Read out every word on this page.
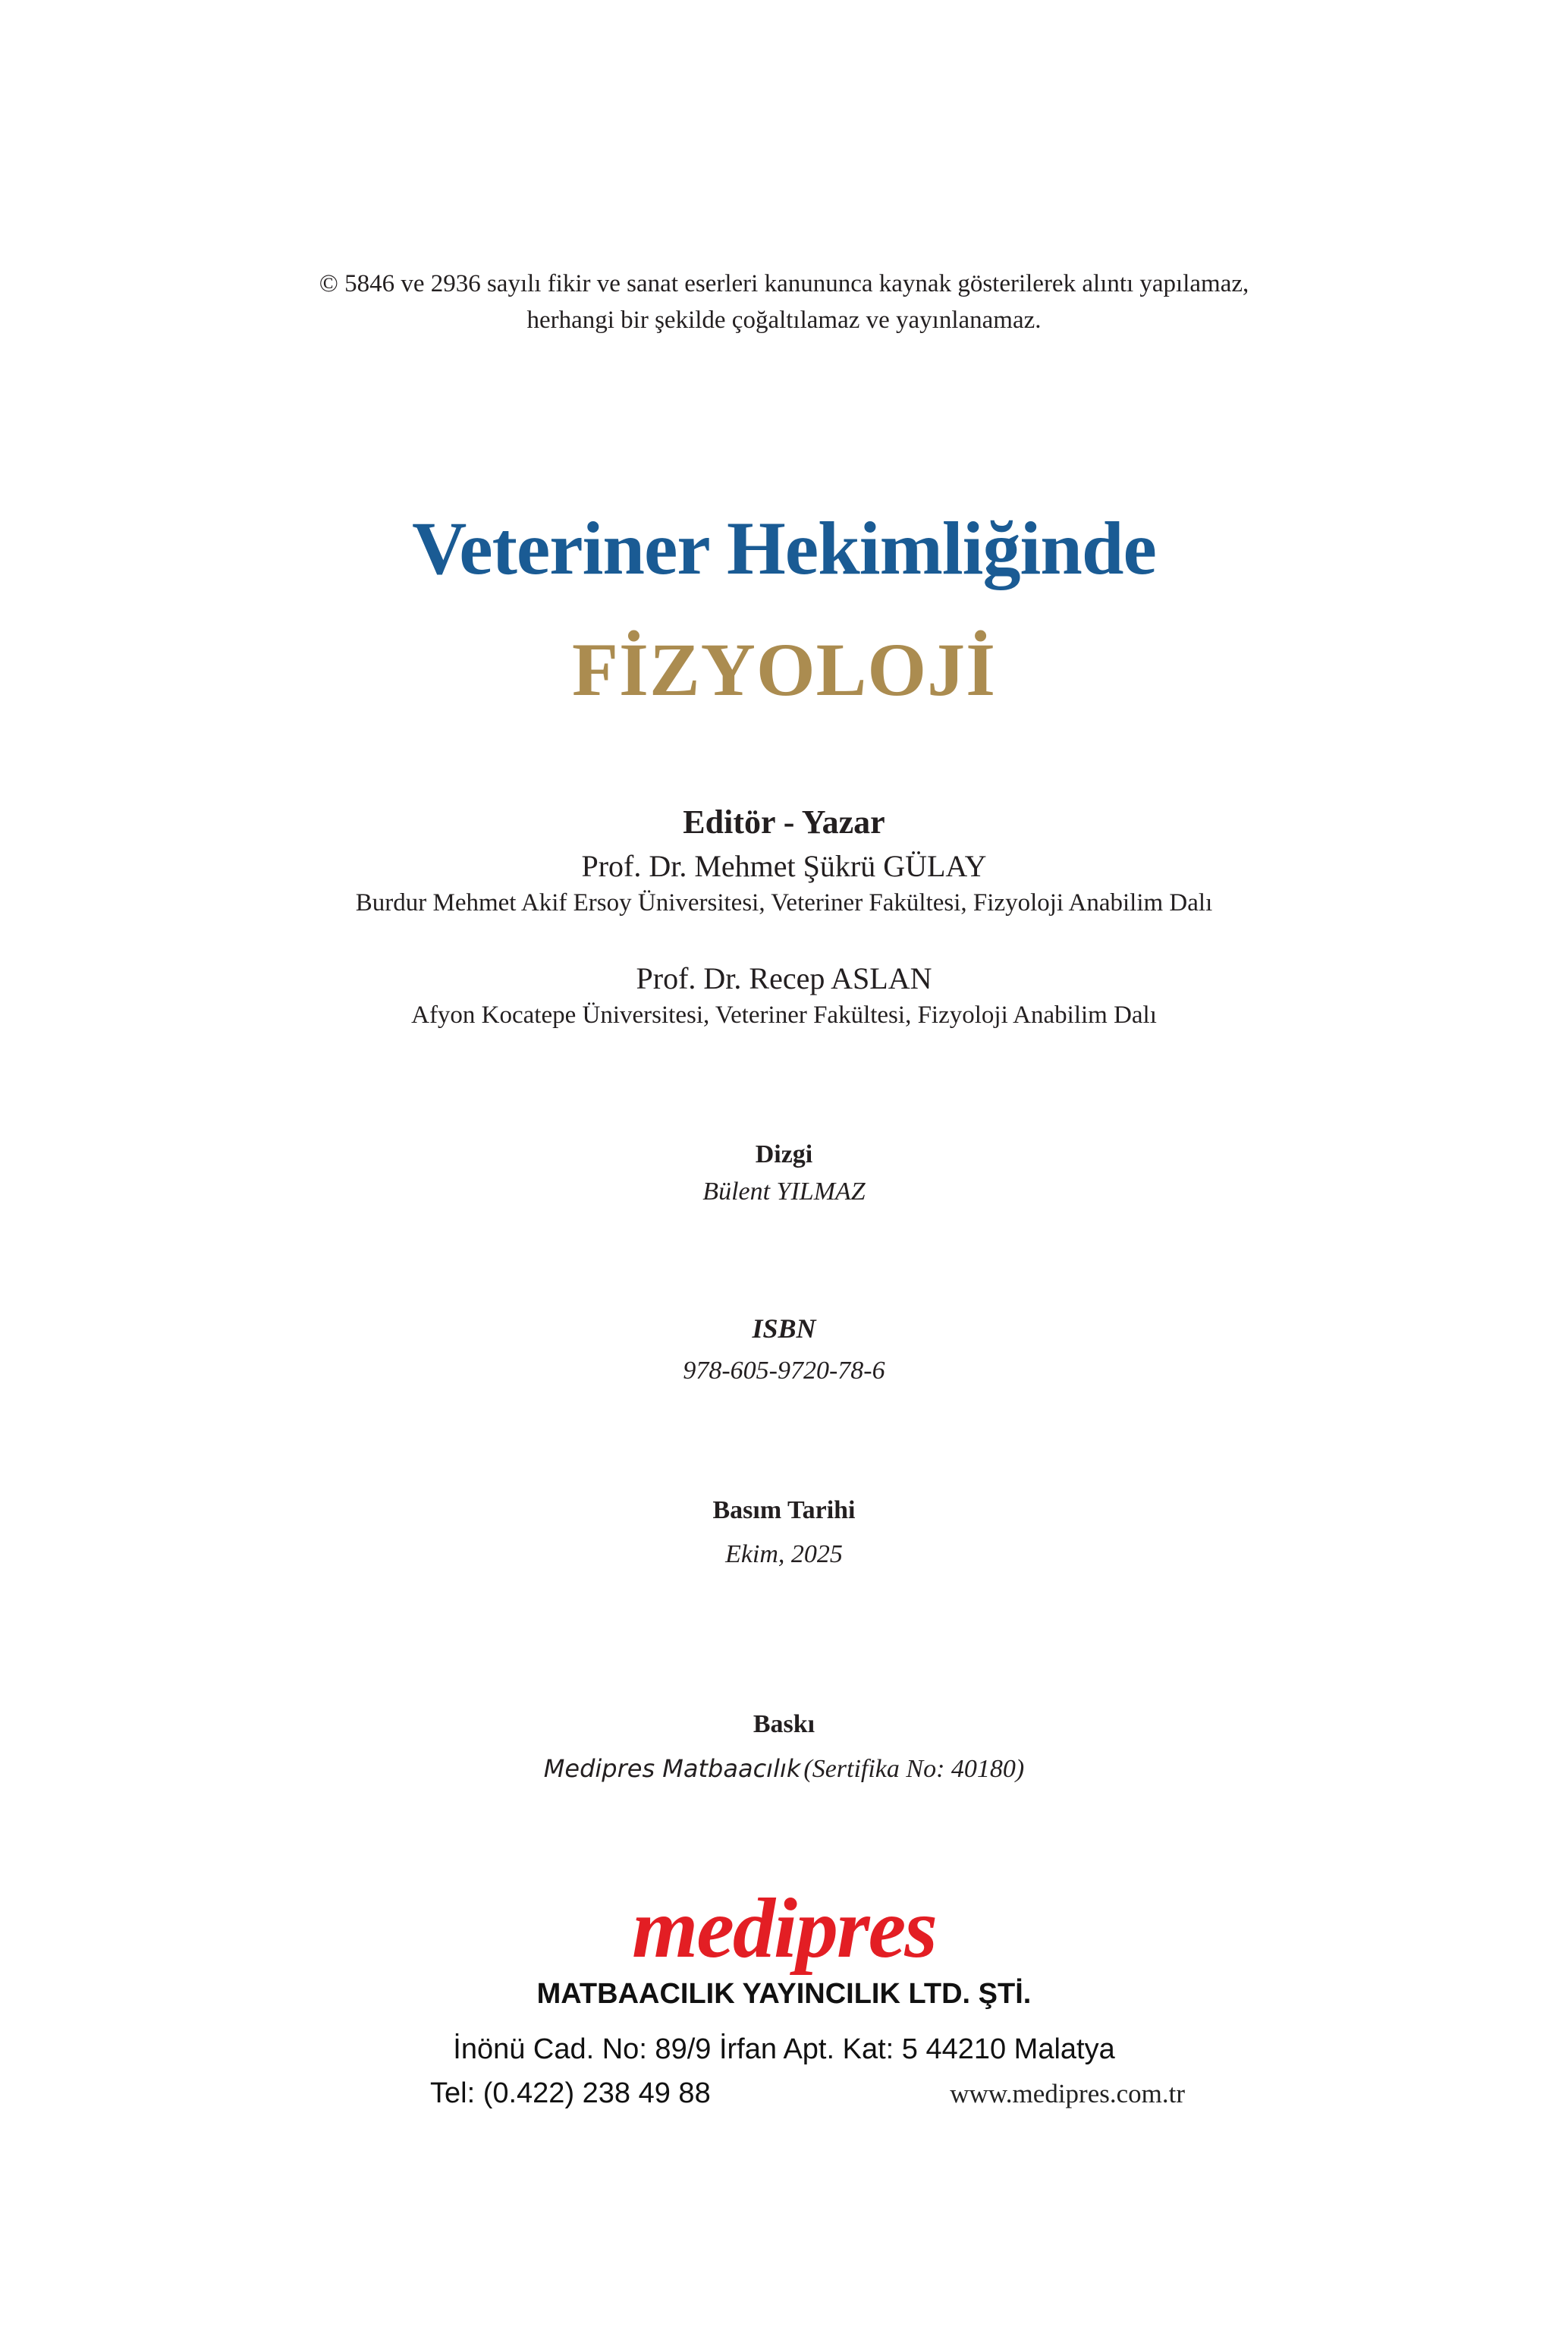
© 5846 ve 2936 sayılı fikir ve sanat eserleri kanununca kaynak gösterilerek alıntı yapılamaz,
herhangi bir şekilde çoğaltılamaz ve yayınlanamaz.
Veteriner Hekimliğinde
FİZYOLOJİ
Editör - Yazar
Prof. Dr. Mehmet Şükrü GÜLAY
Burdur Mehmet Akif Ersoy Üniversitesi, Veteriner Fakültesi, Fizyoloji Anabilim Dalı
Prof. Dr. Recep ASLAN
Afyon Kocatepe Üniversitesi, Veteriner Fakültesi, Fizyoloji Anabilim Dalı
Dizgi
Bülent YILMAZ
ISBN
978-605-9720-78-6
Basım Tarihi
Ekim, 2025
Baskı
Medipres Matbaacılık (Sertifika No: 40180)
medipres
MATBAACILIK YAYINCILIK LTD. ŞTİ.
İnönü Cad. No: 89/9 İrfan Apt. Kat: 5 44210 Malatya
Tel: (0.422) 238 49 88	www.medipres.com.tr
